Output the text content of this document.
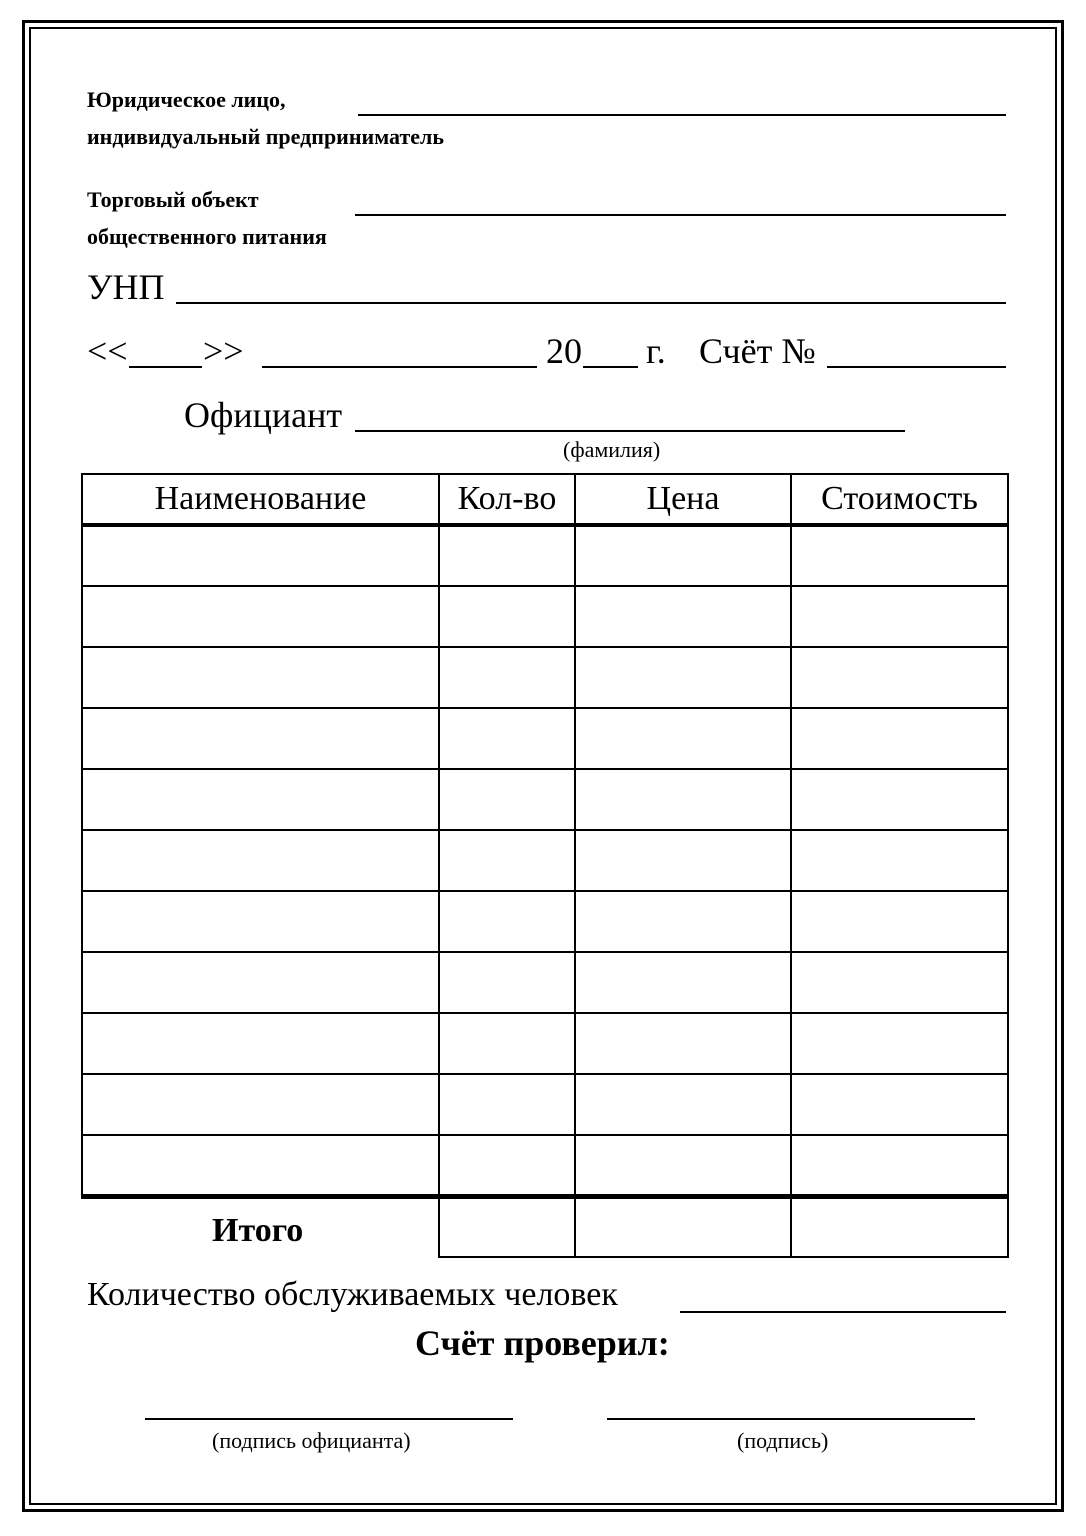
Юридическое лицо,
индивидуальный предприниматель
Торговый объект
общественного питания
УНП
<< >>	20 г. Счёт №
Официант
(фамилия)
Наименование	Кол-во	Цена	Стоимость

Итого

Количество обслуживаемых человек
Счёт проверил:
(подпись официанта)	(подпись)
